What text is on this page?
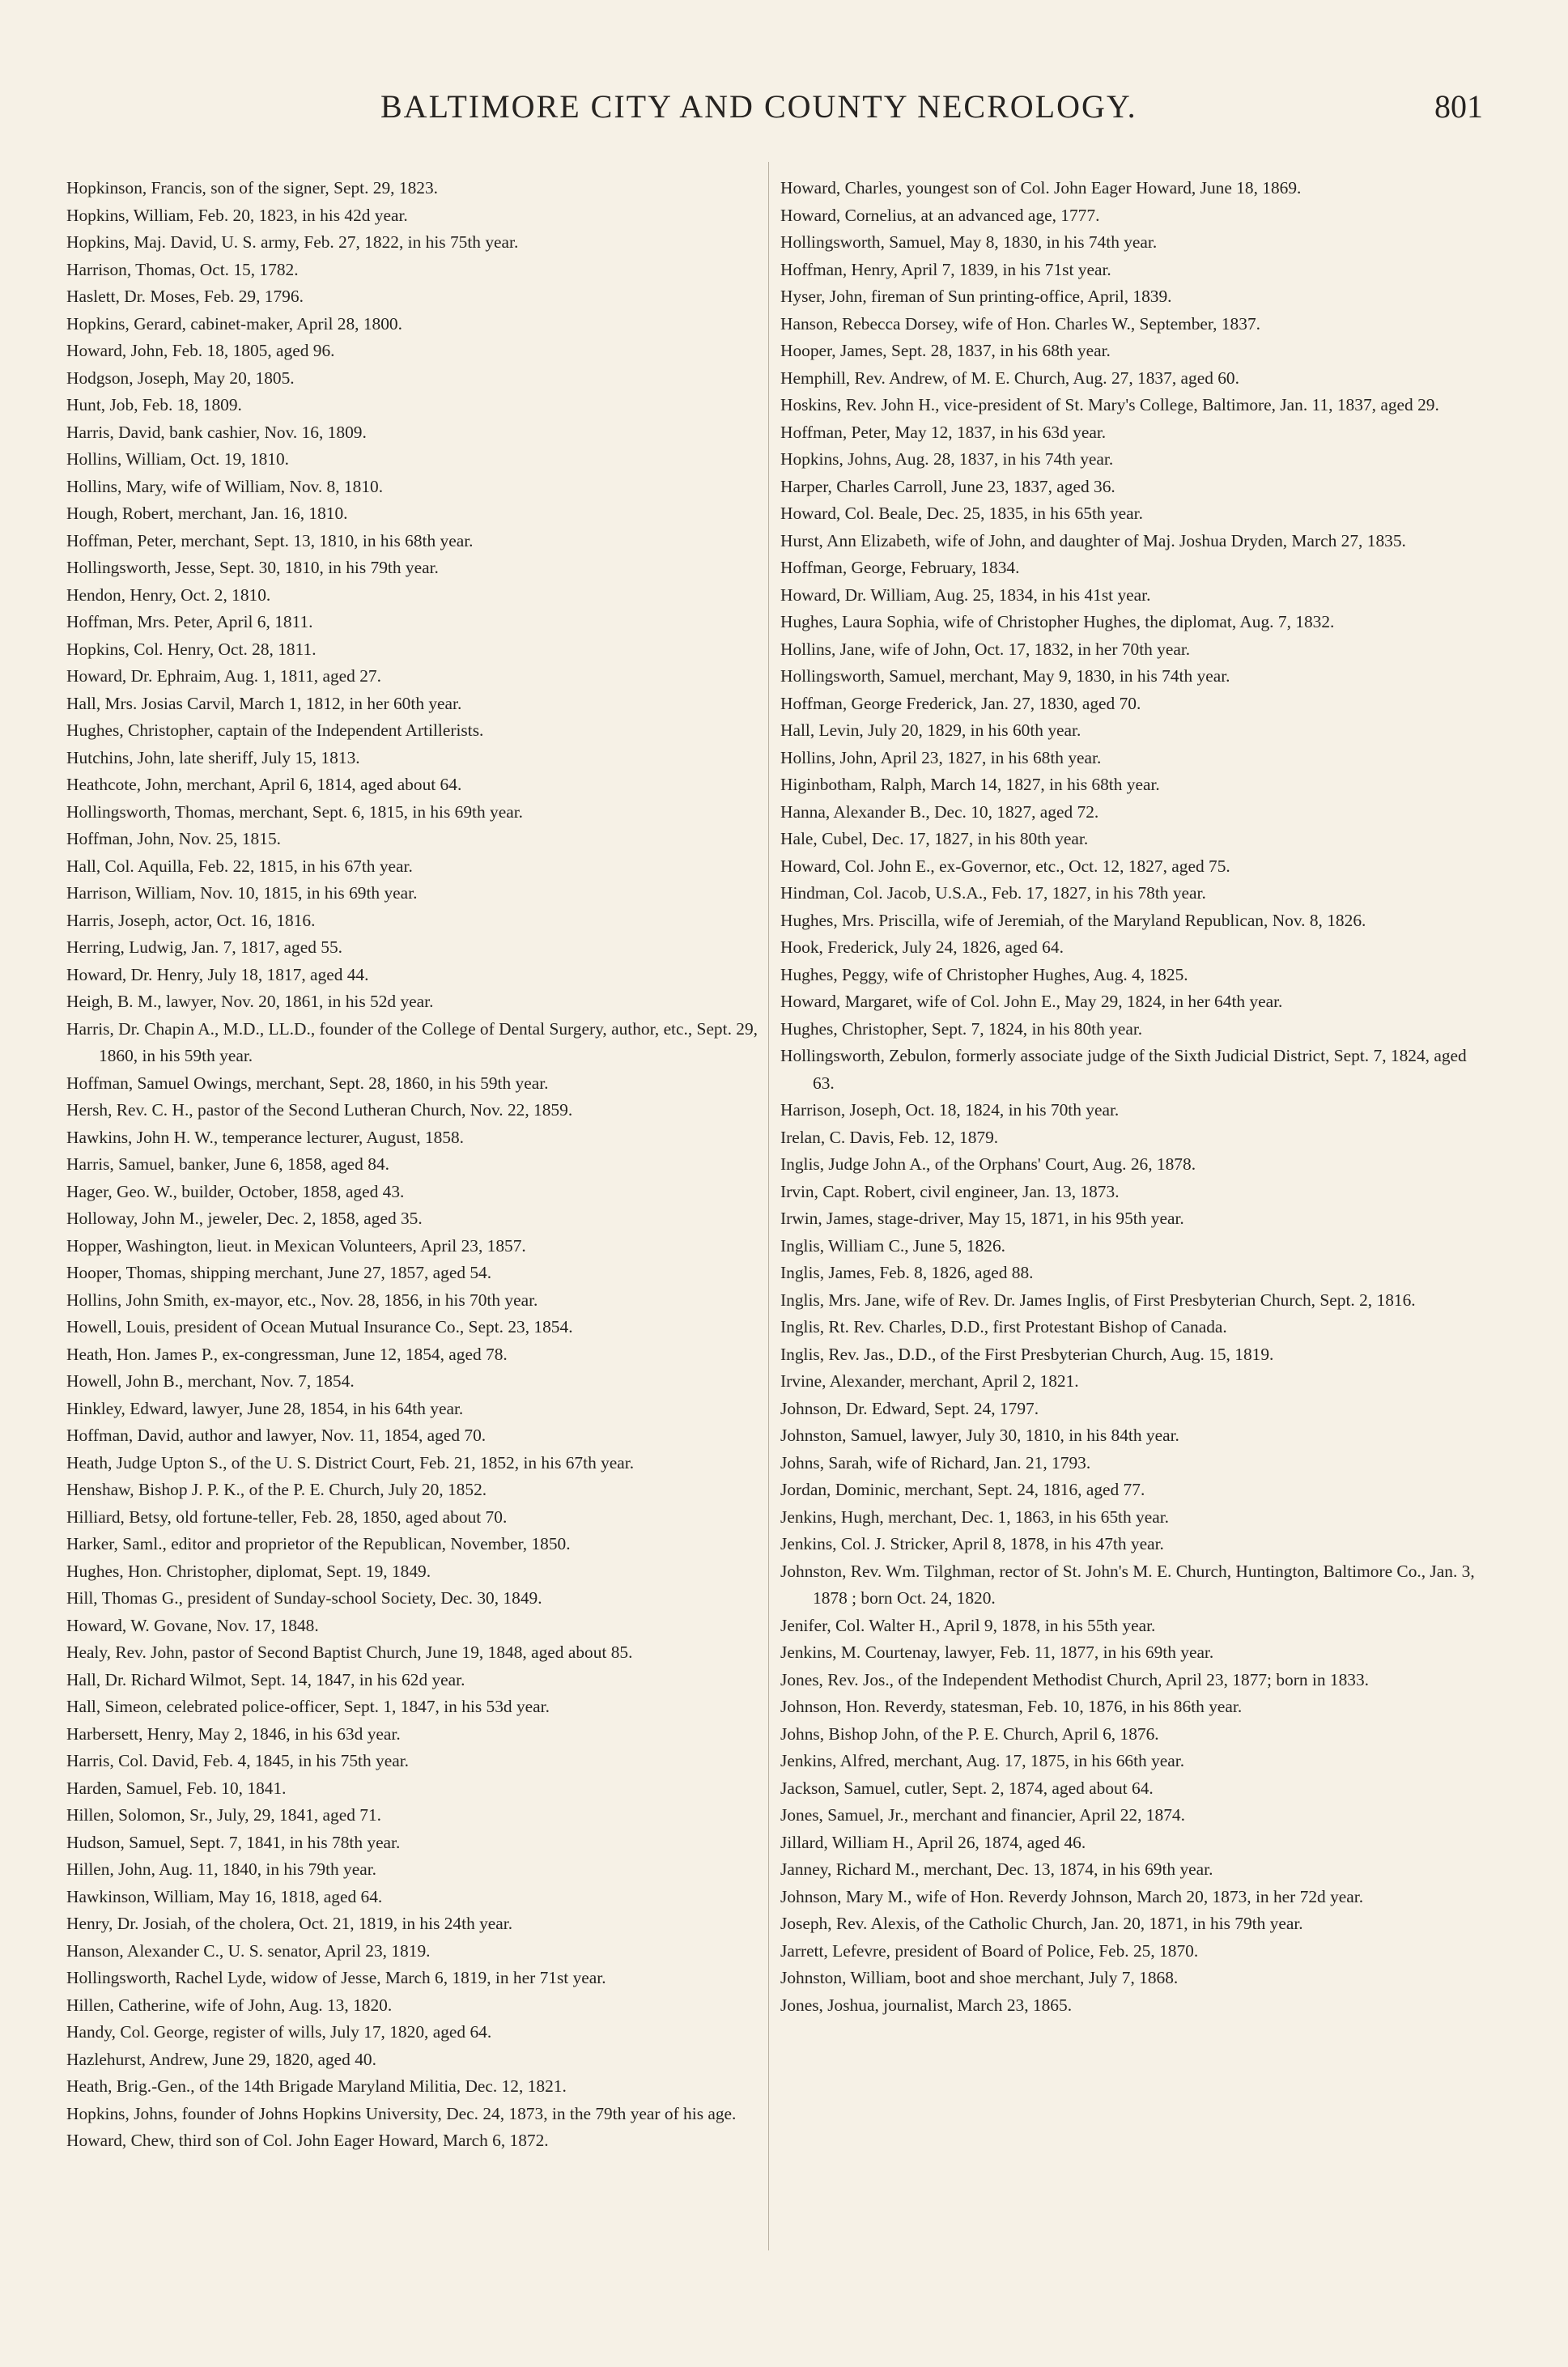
BALTIMORE CITY AND COUNTY NECROLOGY.	801

Hopkinson, Francis, son of the signer, Sept. 29, 1823.

Hopkins, William, Feb. 20, 1823, in his 42d year.

Hopkins, Maj. David, U. S. army, Feb. 27, 1822, in his 75th year.

Harrison, Thomas, Oct. 15, 1782.

Haslett, Dr. Moses, Feb. 29, 1796.

Hopkins, Gerard, cabinet-maker, April 28, 1800.

Howard, John, Feb. 18, 1805, aged 96.

Hodgson, Joseph, May 20, 1805.

Hunt, Job, Feb. 18, 1809.

Harris, David, bank cashier, Nov. 16, 1809.

Hollins, William, Oct. 19, 1810.

Hollins, Mary, wife of William, Nov. 8, 1810.

Hough, Robert, merchant, Jan. 16, 1810.

Hoffman, Peter, merchant, Sept. 13, 1810, in his 68th year.

Hollingsworth, Jesse, Sept. 30, 1810, in his 79th year.

Hendon, Henry, Oct. 2, 1810.

Hoffman, Mrs. Peter, April 6, 1811.

Hopkins, Col. Henry, Oct. 28, 1811.

Howard, Dr. Ephraim, Aug. 1, 1811, aged 27.

Hall, Mrs. Josias Carvil, March 1, 1812, in her 60th year.

Hughes, Christopher, captain of the Independent Artillerists.

Hutchins, John, late sheriff, July 15, 1813.

Heathcote, John, merchant, April 6, 1814, aged about 64.

Hollingsworth, Thomas, merchant, Sept. 6, 1815, in his 69th year.

Hoffman, John, Nov. 25, 1815.

Hall, Col. Aquilla, Feb. 22, 1815, in his 67th year.

Harrison, William, Nov. 10, 1815, in his 69th year.

Harris, Joseph, actor, Oct. 16, 1816.

Herring, Ludwig, Jan. 7, 1817, aged 55.

Howard, Dr. Henry, July 18, 1817, aged 44.

Heigh, B. M., lawyer, Nov. 20, 1861, in his 52d year.

Harris, Dr. Chapin A., M.D., LL.D., founder of the College of Dental Surgery, author, etc., Sept. 29, 1860, in his 59th year.

Hoffman, Samuel Owings, merchant, Sept. 28, 1860, in his 59th year.

Hersh, Rev. C. H., pastor of the Second Lutheran Church, Nov. 22, 1859.

Hawkins, John H. W., temperance lecturer, August, 1858.

Harris, Samuel, banker, June 6, 1858, aged 84.

Hager, Geo. W., builder, October, 1858, aged 43.

Holloway, John M., jeweler, Dec. 2, 1858, aged 35.

Hopper, Washington, lieut. in Mexican Volunteers, April 23, 1857.

Hooper, Thomas, shipping merchant, June 27, 1857, aged 54.

Hollins, John Smith, ex-mayor, etc., Nov. 28, 1856, in his 70th year.

Howell, Louis, president of Ocean Mutual Insurance Co., Sept. 23, 1854.

Heath, Hon. James P., ex-congressman, June 12, 1854, aged 78.

Howell, John B., merchant, Nov. 7, 1854.

Hinkley, Edward, lawyer, June 28, 1854, in his 64th year.

Hoffman, David, author and lawyer, Nov. 11, 1854, aged 70.

Heath, Judge Upton S., of the U. S. District Court, Feb. 21, 1852, in his 67th year.

Henshaw, Bishop J. P. K., of the P. E. Church, July 20, 1852.

Hilliard, Betsy, old fortune-teller, Feb. 28, 1850, aged about 70.

Harker, Saml., editor and proprietor of the Republican, November, 1850.

Hughes, Hon. Christopher, diplomat, Sept. 19, 1849.

Hill, Thomas G., president of Sunday-school Society, Dec. 30, 1849.

Howard, W. Govane, Nov. 17, 1848.

Healy, Rev. John, pastor of Second Baptist Church, June 19, 1848, aged about 85.

Hall, Dr. Richard Wilmot, Sept. 14, 1847, in his 62d year.

Hall, Simeon, celebrated police-officer, Sept. 1, 1847, in his 53d year.

Harbersett, Henry, May 2, 1846, in his 63d year.

Harris, Col. David, Feb. 4, 1845, in his 75th year.

Harden, Samuel, Feb. 10, 1841.

Hillen, Solomon, Sr., July, 29, 1841, aged 71.

Hudson, Samuel, Sept. 7, 1841, in his 78th year.

Hillen, John, Aug. 11, 1840, in his 79th year.

Hawkinson, William, May 16, 1818, aged 64.

Henry, Dr. Josiah, of the cholera, Oct. 21, 1819, in his 24th year.

Hanson, Alexander C., U. S. senator, April 23, 1819.

Hollingsworth, Rachel Lyde, widow of Jesse, March 6, 1819, in her 71st year.

Hillen, Catherine, wife of John, Aug. 13, 1820.

Handy, Col. George, register of wills, July 17, 1820, aged 64.

Hazlehurst, Andrew, June 29, 1820, aged 40.

Heath, Brig.-Gen., of the 14th Brigade Maryland Militia, Dec. 12, 1821.

Hopkins, Johns, founder of Johns Hopkins University, Dec. 24, 1873, in the 79th year of his age.

Howard, Chew, third son of Col. John Eager Howard, March 6, 1872.

Howard, Charles, youngest son of Col. John Eager Howard, June 18, 1869.

Howard, Cornelius, at an advanced age, 1777.

Hollingsworth, Samuel, May 8, 1830, in his 74th year.

Hoffman, Henry, April 7, 1839, in his 71st year.

Hyser, John, fireman of Sun printing-office, April, 1839.

Hanson, Rebecca Dorsey, wife of Hon. Charles W., September, 1837.

Hooper, James, Sept. 28, 1837, in his 68th year.

Hemphill, Rev. Andrew, of M. E. Church, Aug. 27, 1837, aged 60.

Hoskins, Rev. John H., vice-president of St. Mary's College, Baltimore, Jan. 11, 1837, aged 29.

Hoffman, Peter, May 12, 1837, in his 63d year.

Hopkins, Johns, Aug. 28, 1837, in his 74th year.

Harper, Charles Carroll, June 23, 1837, aged 36.

Howard, Col. Beale, Dec. 25, 1835, in his 65th year.

Hurst, Ann Elizabeth, wife of John, and daughter of Maj. Joshua Dryden, March 27, 1835.

Hoffman, George, February, 1834.

Howard, Dr. William, Aug. 25, 1834, in his 41st year.

Hughes, Laura Sophia, wife of Christopher Hughes, the diplomat, Aug. 7, 1832.

Hollins, Jane, wife of John, Oct. 17, 1832, in her 70th year.

Hollingsworth, Samuel, merchant, May 9, 1830, in his 74th year.

Hoffman, George Frederick, Jan. 27, 1830, aged 70.

Hall, Levin, July 20, 1829, in his 60th year.

Hollins, John, April 23, 1827, in his 68th year.

Higinbotham, Ralph, March 14, 1827, in his 68th year.

Hanna, Alexander B., Dec. 10, 1827, aged 72.

Hale, Cubel, Dec. 17, 1827, in his 80th year.

Howard, Col. John E., ex-Governor, etc., Oct. 12, 1827, aged 75.

Hindman, Col. Jacob, U.S.A., Feb. 17, 1827, in his 78th year.

Hughes, Mrs. Priscilla, wife of Jeremiah, of the Maryland Republican, Nov. 8, 1826.

Hook, Frederick, July 24, 1826, aged 64.

Hughes, Peggy, wife of Christopher Hughes, Aug. 4, 1825.

Howard, Margaret, wife of Col. John E., May 29, 1824, in her 64th year.

Hughes, Christopher, Sept. 7, 1824, in his 80th year.

Hollingsworth, Zebulon, formerly associate judge of the Sixth Judicial District, Sept. 7, 1824, aged 63.

Harrison, Joseph, Oct. 18, 1824, in his 70th year.

Irelan, C. Davis, Feb. 12, 1879.

Inglis, Judge John A., of the Orphans' Court, Aug. 26, 1878.

Irvin, Capt. Robert, civil engineer, Jan. 13, 1873.

Irwin, James, stage-driver, May 15, 1871, in his 95th year.

Inglis, William C., June 5, 1826.

Inglis, James, Feb. 8, 1826, aged 88.

Inglis, Mrs. Jane, wife of Rev. Dr. James Inglis, of First Presbyterian Church, Sept. 2, 1816.

Inglis, Rt. Rev. Charles, D.D., first Protestant Bishop of Canada.

Inglis, Rev. Jas., D.D., of the First Presbyterian Church, Aug. 15, 1819.

Irvine, Alexander, merchant, April 2, 1821.

Johnson, Dr. Edward, Sept. 24, 1797.

Johnston, Samuel, lawyer, July 30, 1810, in his 84th year.

Johns, Sarah, wife of Richard, Jan. 21, 1793.

Jordan, Dominic, merchant, Sept. 24, 1816, aged 77.

Jenkins, Hugh, merchant, Dec. 1, 1863, in his 65th year.

Jenkins, Col. J. Stricker, April 8, 1878, in his 47th year.

Johnston, Rev. Wm. Tilghman, rector of St. John's M. E. Church, Huntington, Baltimore Co., Jan. 3, 1878 ; born Oct. 24, 1820.

Jenifer, Col. Walter H., April 9, 1878, in his 55th year.

Jenkins, M. Courtenay, lawyer, Feb. 11, 1877, in his 69th year.

Jones, Rev. Jos., of the Independent Methodist Church, April 23, 1877; born in 1833.

Johnson, Hon. Reverdy, statesman, Feb. 10, 1876, in his 86th year.

Johns, Bishop John, of the P. E. Church, April 6, 1876.

Jenkins, Alfred, merchant, Aug. 17, 1875, in his 66th year.

Jackson, Samuel, cutler, Sept. 2, 1874, aged about 64.

Jones, Samuel, Jr., merchant and financier, April 22, 1874.

Jillard, William H., April 26, 1874, aged 46.

Janney, Richard M., merchant, Dec. 13, 1874, in his 69th year.

Johnson, Mary M., wife of Hon. Reverdy Johnson, March 20, 1873, in her 72d year.

Joseph, Rev. Alexis, of the Catholic Church, Jan. 20, 1871, in his 79th year.

Jarrett, Lefevre, president of Board of Police, Feb. 25, 1870.

Johnston, William, boot and shoe merchant, July 7, 1868.

Jones, Joshua, journalist, March 23, 1865.
